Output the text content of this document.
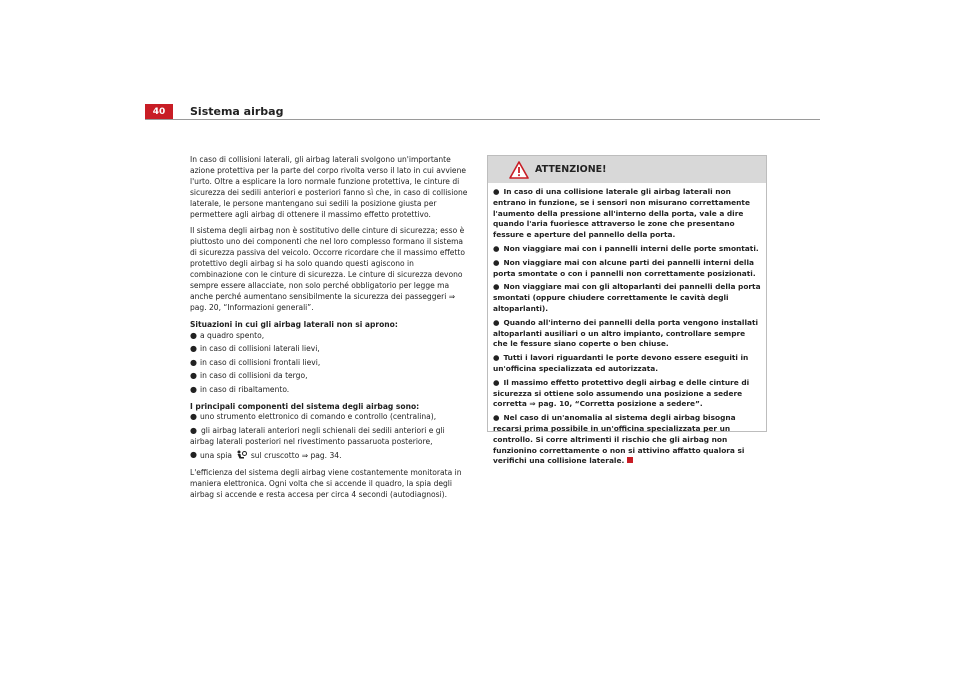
40	Sistema airbag

In caso di collisioni laterali, gli airbag laterali svolgono un'importante azione protettiva per la parte del corpo rivolta verso il lato in cui avviene l'urto. Oltre a esplicare la loro normale funzione protettiva, le cinture di sicurezza dei sedili anteriori e posteriori fanno sì che, in caso di collisione laterale, le persone mantengano sui sedili la posizione giusta per permettere agli airbag di ottenere il massimo effetto protettivo.

Il sistema degli airbag non è sostitutivo delle cinture di sicurezza; esso è piuttosto uno dei componenti che nel loro complesso formano il sistema di sicurezza passiva del veicolo. Occorre ricordare che il massimo effetto protettivo degli airbag si ha solo quando questi agiscono in combinazione con le cinture di sicurezza. Le cinture di sicurezza devono sempre essere allacciate, non solo perché obbligatorio per legge ma anche perché aumentano sensibilmente la sicurezza dei passeggeri ⇒ pag. 20, “Informazioni generali”.

Situazioni in cui gli airbag laterali non si aprono:

● a quadro spento,
● in caso di collisioni laterali lievi,
● in caso di collisioni frontali lievi,
● in caso di collisioni da tergo,
● in caso di ribaltamento.

I principali componenti del sistema degli airbag sono:

● uno strumento elettronico di comando e controllo (centralina),
● gli airbag laterali anteriori negli schienali dei sedili anteriori e gli airbag laterali posteriori nel rivestimento passaruota posteriore,
● una spia sul cruscotto ⇒ pag. 34.

L'efficienza del sistema degli airbag viene costantemente monitorata in maniera elettronica. Ogni volta che si accende il quadro, la spia degli airbag si accende e resta accesa per circa 4 secondi (autodiagnosi).

ATTENZIONE!
● In caso di una collisione laterale gli airbag laterali non entrano in funzione, se i sensori non misurano correttamente l'aumento della pressione all'interno della porta, vale a dire quando l'aria fuoriesce attraverso le zone che presentano fessure e aperture del pannello della porta.
● Non viaggiare mai con i pannelli interni delle porte smontati.
● Non viaggiare mai con alcune parti dei pannelli interni della porta smontate o con i pannelli non correttamente posizionati.
● Non viaggiare mai con gli altoparlanti dei pannelli della porta smontati (oppure chiudere correttamente le cavità degli altoparlanti).
● Quando all'interno dei pannelli della porta vengono installati altoparlanti ausiliari o un altro impianto, controllare sempre che le fessure siano coperte o ben chiuse.
● Tutti i lavori riguardanti le porte devono essere eseguiti in un'officina specializzata ed autorizzata.
● Il massimo effetto protettivo degli airbag e delle cinture di sicurezza si ottiene solo assumendo una posizione a sedere corretta ⇒ pag. 10, “Corretta posizione a sedere”.
● Nel caso di un'anomalia al sistema degli airbag bisogna recarsi prima possibile in un'officina specializzata per un controllo. Si corre altrimenti il rischio che gli airbag non funzionino correttamente o non si attivino affatto qualora si verifichi una collisione laterale.
